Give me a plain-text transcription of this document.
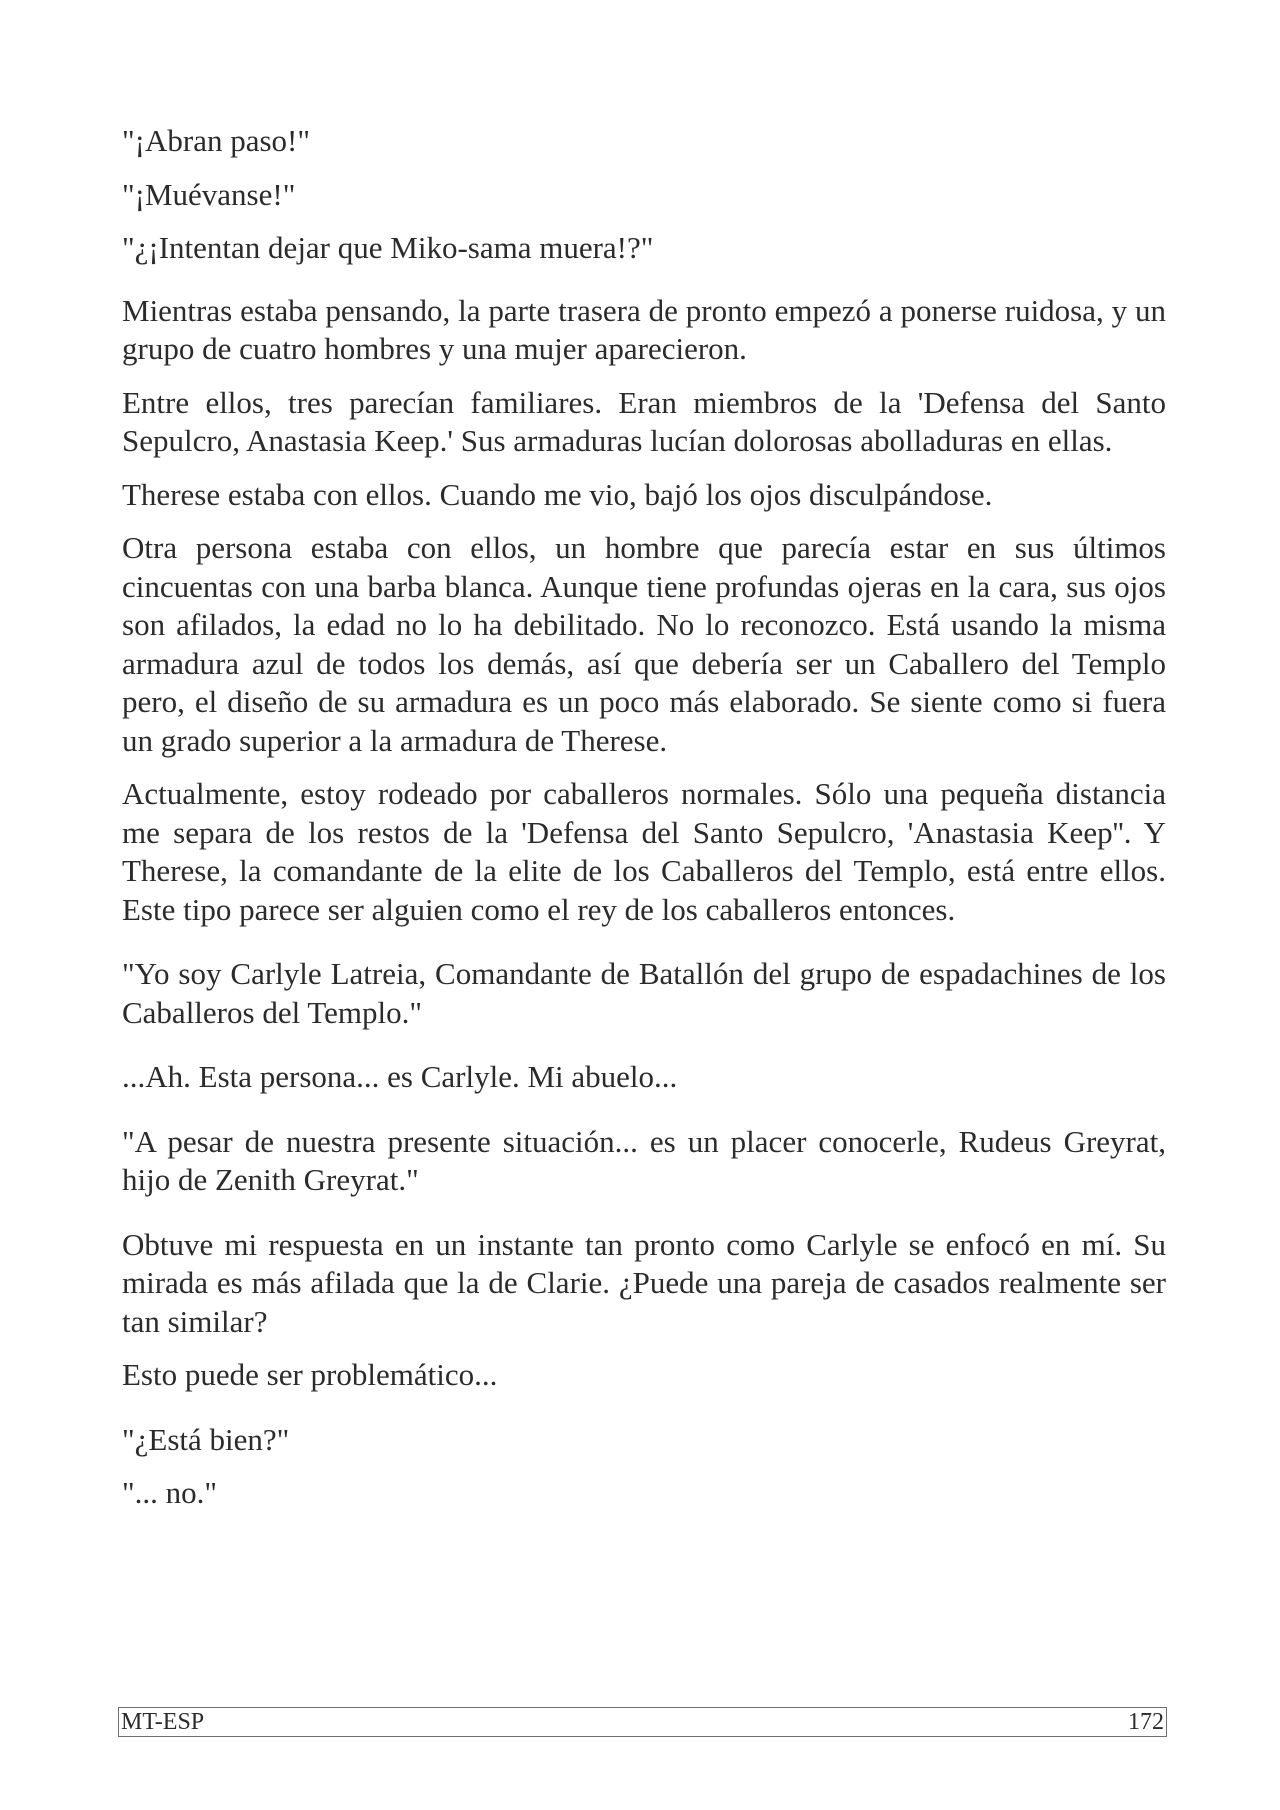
"¡Abran paso!"

"¡Muévanse!"

"¿¡Intentan dejar que Miko-sama muera!?"

Mientras estaba pensando, la parte trasera de pronto empezó a ponerse ruidosa, y un grupo de cuatro hombres y una mujer aparecieron.

Entre ellos, tres parecían familiares. Eran miembros de la 'Defensa del Santo Sepulcro, Anastasia Keep.' Sus armaduras lucían dolorosas abolladuras en ellas.

Therese estaba con ellos. Cuando me vio, bajó los ojos disculpándose.

Otra persona estaba con ellos, un hombre que parecía estar en sus últimos cincuentas con una barba blanca. Aunque tiene profundas ojeras en la cara, sus ojos son afilados, la edad no lo ha debilitado. No lo reconozco. Está usando la misma armadura azul de todos los demás, así que debería ser un Caballero del Templo pero, el diseño de su armadura es un poco más elaborado. Se siente como si fuera un grado superior a la armadura de Therese.

Actualmente, estoy rodeado por caballeros normales. Sólo una pequeña distancia me separa de los restos de la 'Defensa del Santo Sepulcro, 'Anastasia Keep''. Y Therese, la comandante de la elite de los Caballeros del Templo, está entre ellos. Este tipo parece ser alguien como el rey de los caballeros entonces.

"Yo soy Carlyle Latreia, Comandante de Batallón del grupo de espadachines de los Caballeros del Templo."

...Ah. Esta persona... es Carlyle. Mi abuelo...

"A pesar de nuestra presente situación... es un placer conocerle, Rudeus Greyrat, hijo de Zenith Greyrat."

Obtuve mi respuesta en un instante tan pronto como Carlyle se enfocó en mí. Su mirada es más afilada que la de Clarie. ¿Puede una pareja de casados realmente ser tan similar?

Esto puede ser problemático...

"¿Está bien?"

"... no."

MT-ESP	172
